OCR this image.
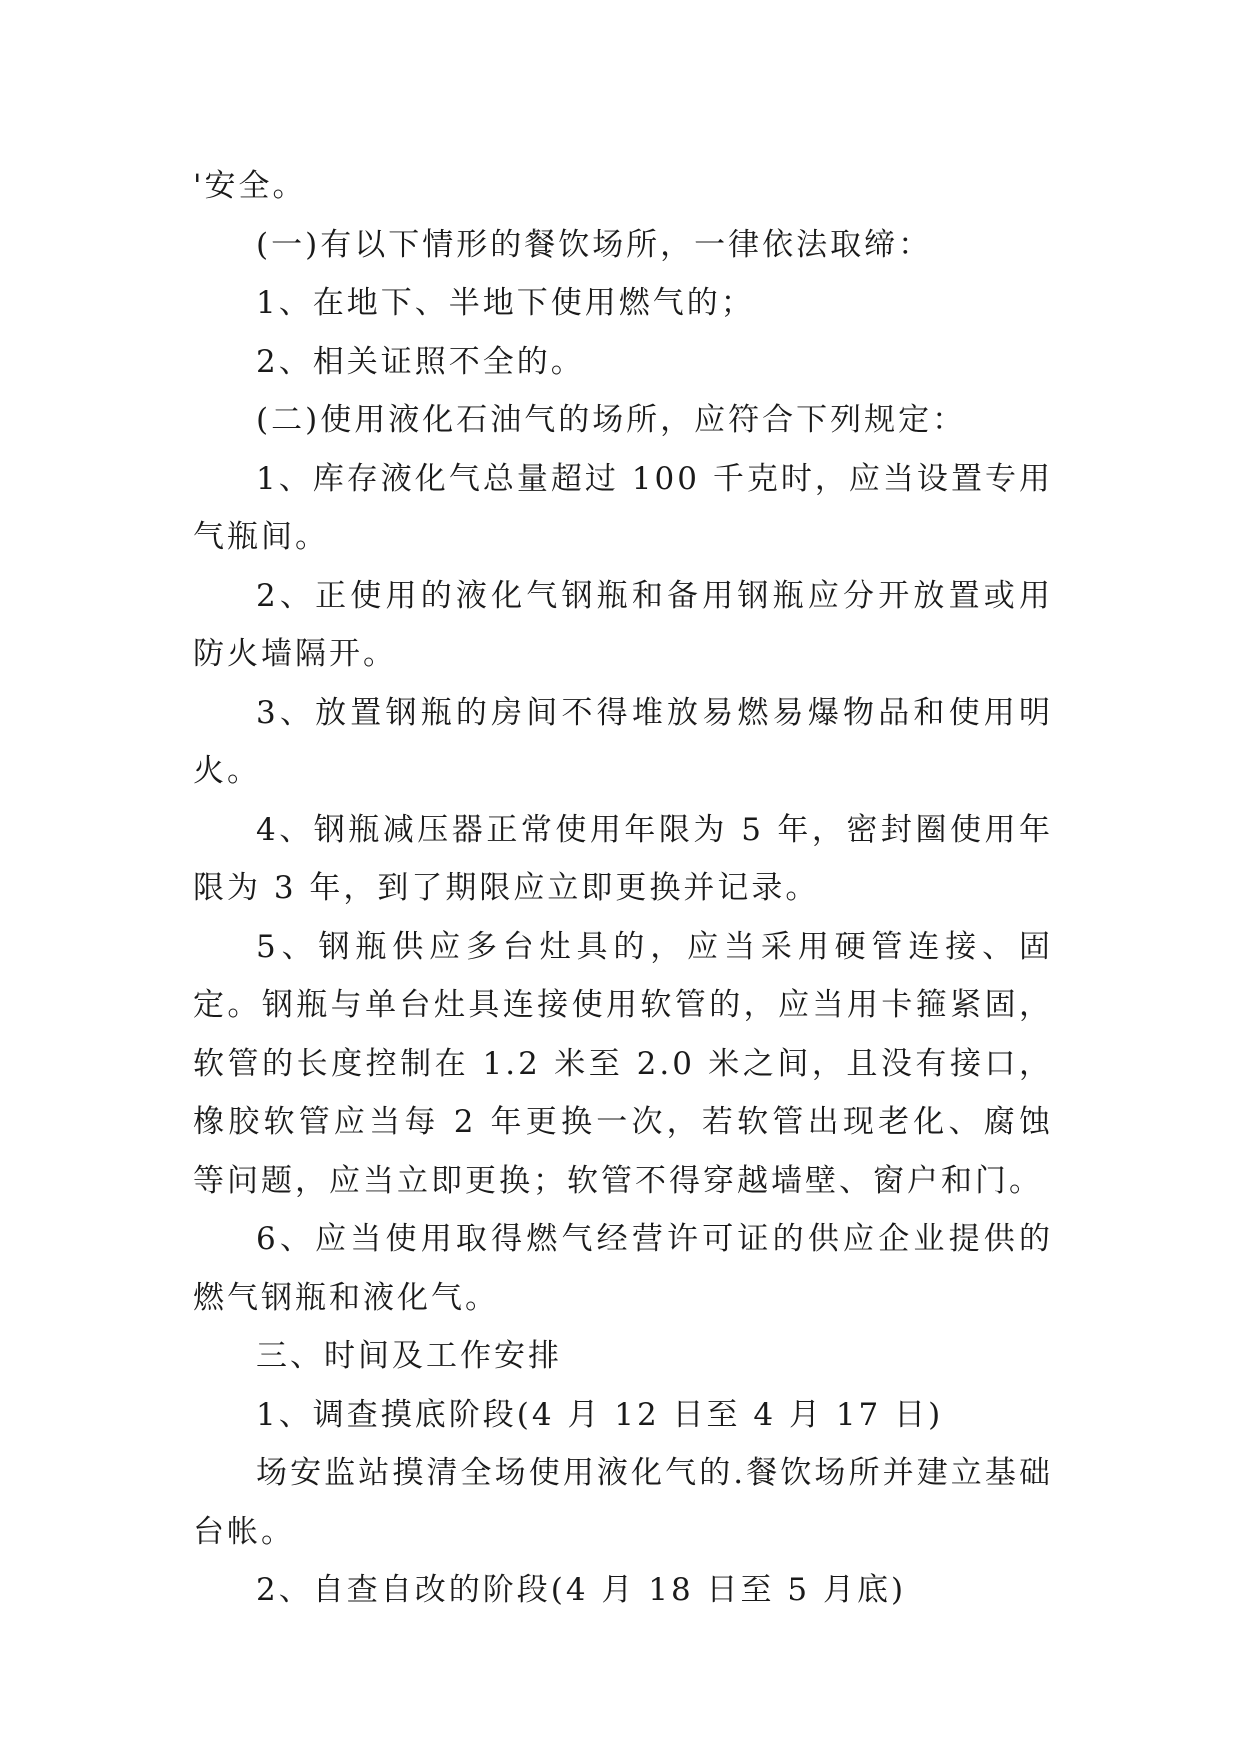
'安全。

(一)有以下情形的餐饮场所，一律依法取缔：

1、在地下、半地下使用燃气的；

2、相关证照不全的。

(二)使用液化石油气的场所，应符合下列规定：

1、库存液化气总量超过 100 千克时，应当设置专用气瓶间。

2、正使用的液化气钢瓶和备用钢瓶应分开放置或用防火墙隔开。

3、放置钢瓶的房间不得堆放易燃易爆物品和使用明火。

4、钢瓶减压器正常使用年限为 5 年，密封圈使用年限为 3 年，到了期限应立即更换并记录。

5、钢瓶供应多台灶具的，应当采用硬管连接、固定。钢瓶与单台灶具连接使用软管的，应当用卡箍紧固，软管的长度控制在 1.2 米至 2.0 米之间，且没有接口，橡胶软管应当每 2 年更换一次，若软管出现老化、腐蚀等问题，应当立即更换；软管不得穿越墙壁、窗户和门。

6、应当使用取得燃气经营许可证的供应企业提供的燃气钢瓶和液化气。

三、时间及工作安排

1、调查摸底阶段(4 月 12 日至 4 月 17 日)

场安监站摸清全场使用液化气的.餐饮场所并建立基础台帐。

2、自查自改的阶段(4 月 18 日至 5 月底)
